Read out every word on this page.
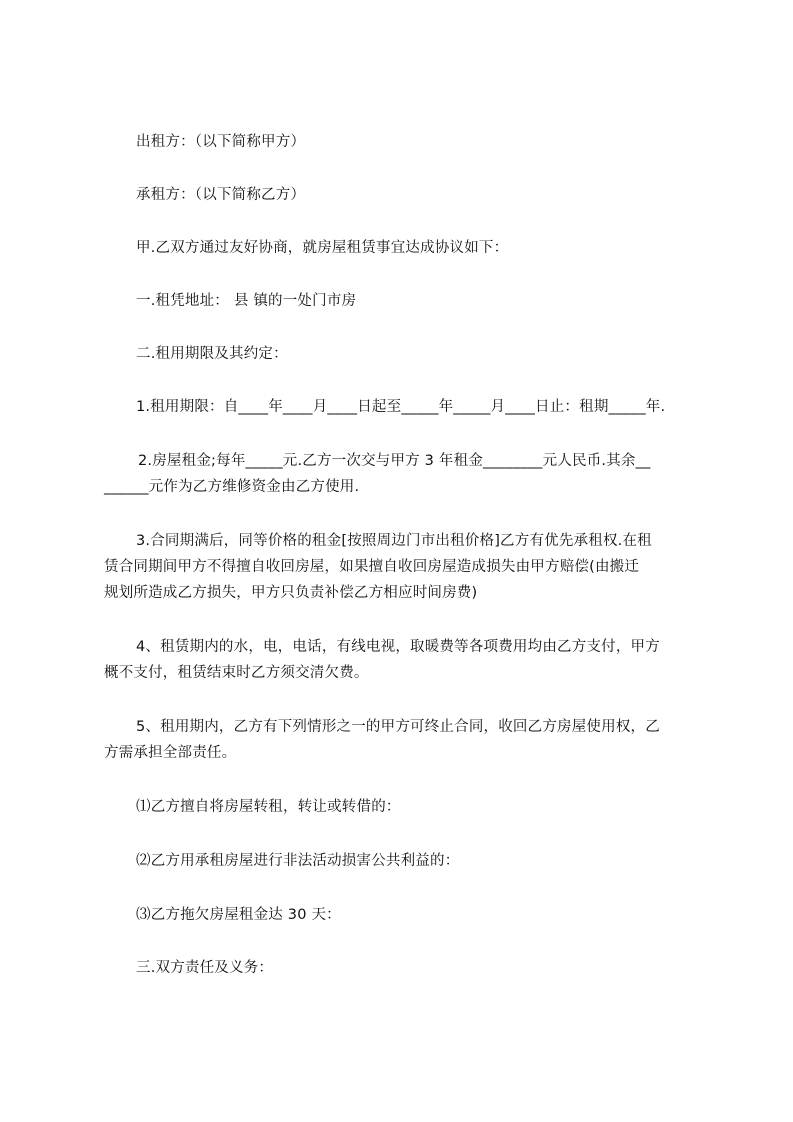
出租方：（以下简称甲方）
承租方：（以下简称乙方）
甲.乙双方通过友好协商，就房屋租赁事宜达成协议如下：
一.租凭地址： 县 镇的一处门市房
二.租用期限及其约定：
1.租用期限：自____年____月____日起至_____年_____月____日止：租期_____年.
2.房屋租金;每年_____元.乙方一次交与甲方 3 年租金________元人民币.其余__
______元作为乙方维修资金由乙方使用.
3.合同期满后，同等价格的租金[按照周边门市出租价格]乙方有优先承租权.在租
赁合同期间甲方不得擅自收回房屋，如果擅自收回房屋造成损失由甲方赔偿(由搬迁
规划所造成乙方损失，甲方只负责补偿乙方相应时间房费)
4、租赁期内的水，电，电话，有线电视，取暖费等各项费用均由乙方支付，甲方
概不支付，租赁结束时乙方须交清欠费。
5、租用期内，乙方有下列情形之一的甲方可终止合同，收回乙方房屋使用权，乙
方需承担全部责任。
⑴乙方擅自将房屋转租，转让或转借的：
⑵乙方用承租房屋进行非法活动损害公共利益的：
⑶乙方拖欠房屋租金达 30 天：
三.双方责任及义务：
